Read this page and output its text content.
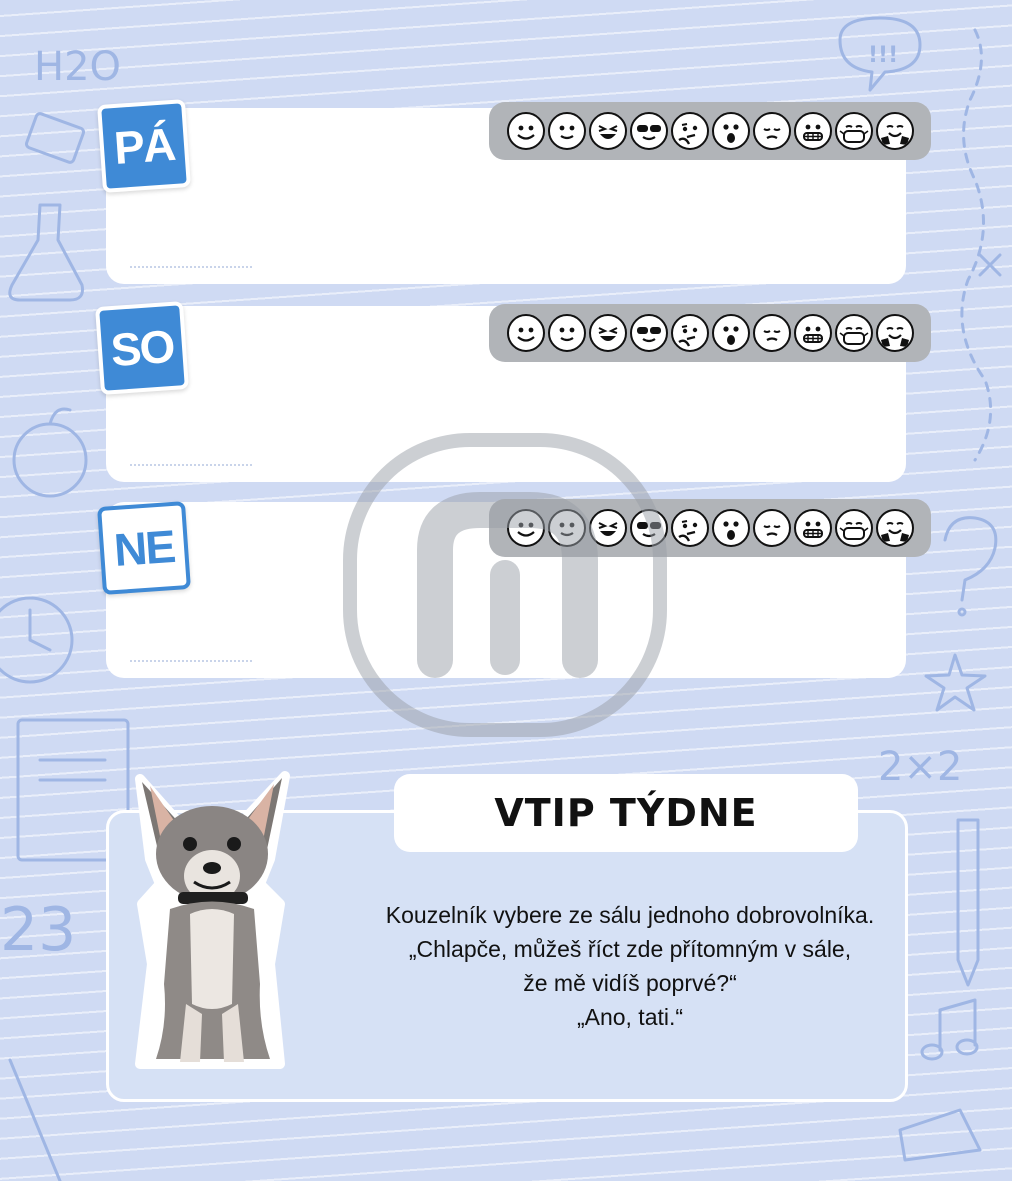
H2O	!!!
2×2
23
PÁ
SO
NE
VTIP TÝDNE
Kouzelník vybere ze sálu jednoho dobrovolníka.
„Chlapče, můžeš říct zde přítomným v sále,
že mě vidíš poprvé?“
„Ano, tati.“
